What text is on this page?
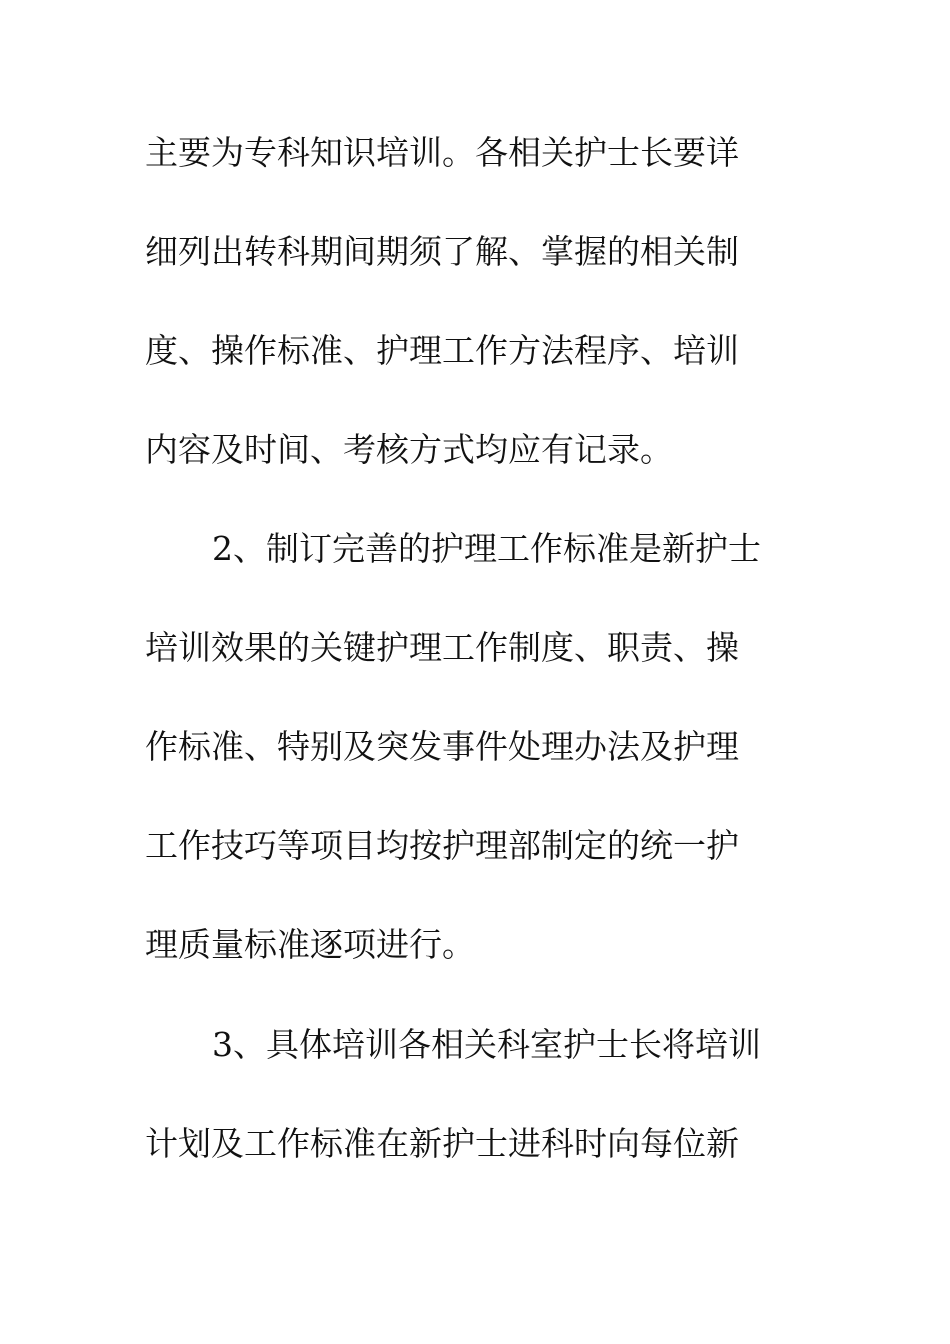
主要为专科知识培训。各相关护士长要详
细列出转科期间期须了解、掌握的相关制
度、操作标准、护理工作方法程序、培训
内容及时间、考核方式均应有记录。
2、制订完善的护理工作标准是新护士
培训效果的关键护理工作制度、职责、操
作标准、特别及突发事件处理办法及护理
工作技巧等项目均按护理部制定的统一护
理质量标准逐项进行。
3、具体培训各相关科室护士长将培训
计划及工作标准在新护士进科时向每位新
